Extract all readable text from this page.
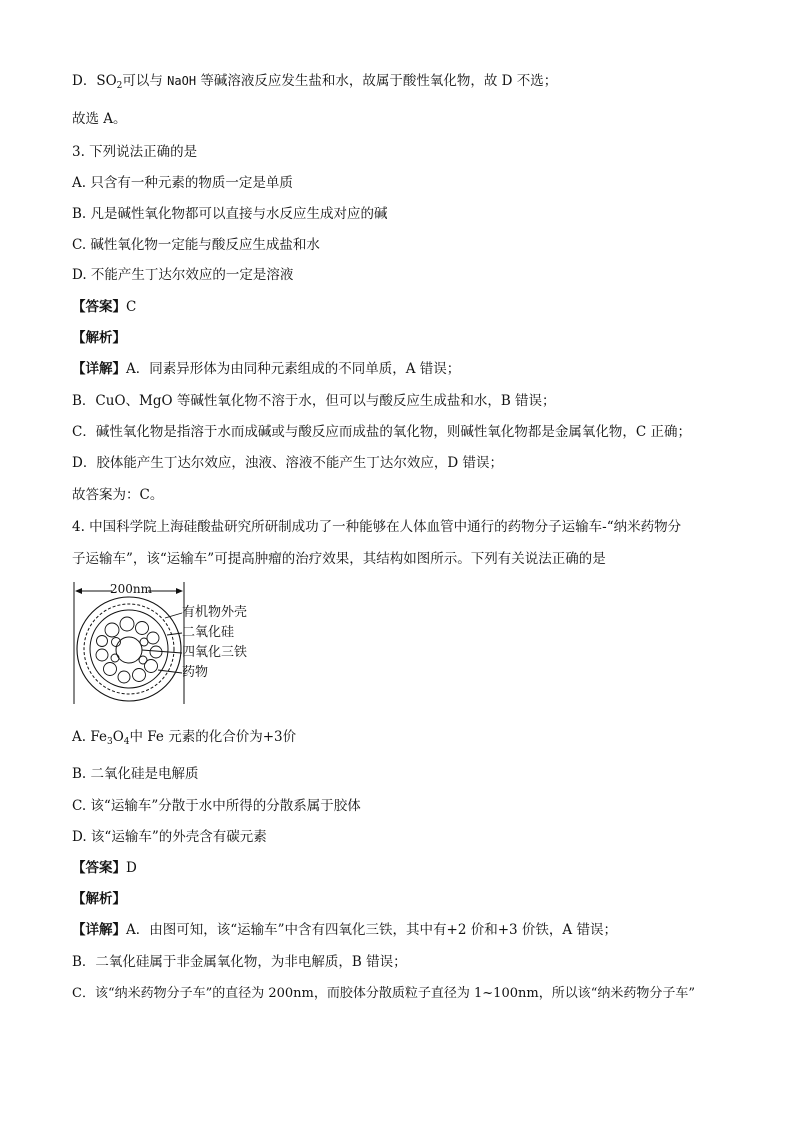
D．$SO_2$可以与 NaOH 等碱溶液反应发生盐和水，故属于酸性氧化物，故 D 不选；
故选 A。
3. 下列说法正确的是
A. 只含有一种元素的物质一定是单质
B. 凡是碱性氧化物都可以直接与水反应生成对应的碱
C. 碱性氧化物一定能与酸反应生成盐和水
D. 不能产生丁达尔效应的一定是溶液
【答案】C
【解析】
【详解】A．同素异形体为由同种元素组成的不同单质，A 错误；
B．CuO、MgO 等碱性氧化物不溶于水，但可以与酸反应生成盐和水，B 错误；
C．碱性氧化物是指溶于水而成碱或与酸反应而成盐的氧化物，则碱性氧化物都是金属氧化物，C 正确；
D．胶体能产生丁达尔效应，浊液、溶液不能产生丁达尔效应，D 错误；
故答案为：C。
4. 中国科学院上海硅酸盐研究所研制成功了一种能够在人体血管中通行的药物分子运输车-“纳米药物分
子运输车”，该“运输车”可提高肿瘤的治疗效果，其结构如图所示。下列有关说法正确的是
200nm
有机物外壳
二氧化硅
四氧化三铁
药物
A. $Fe_3O_4$中 Fe 元素的化合价为+3价
B. 二氧化硅是电解质
C. 该“运输车”分散于水中所得的分散系属于胶体
D. 该“运输车”的外壳含有碳元素
【答案】D
【解析】
【详解】A．由图可知，该“运输车”中含有四氧化三铁，其中有+2 价和+3 价铁，A 错误；
B．二氧化硅属于非金属氧化物，为非电解质，B 错误；
C．该“纳米药物分子车”的直径为 200nm，而胶体分散质粒子直径为 1~100nm，所以该“纳米药物分子车”
